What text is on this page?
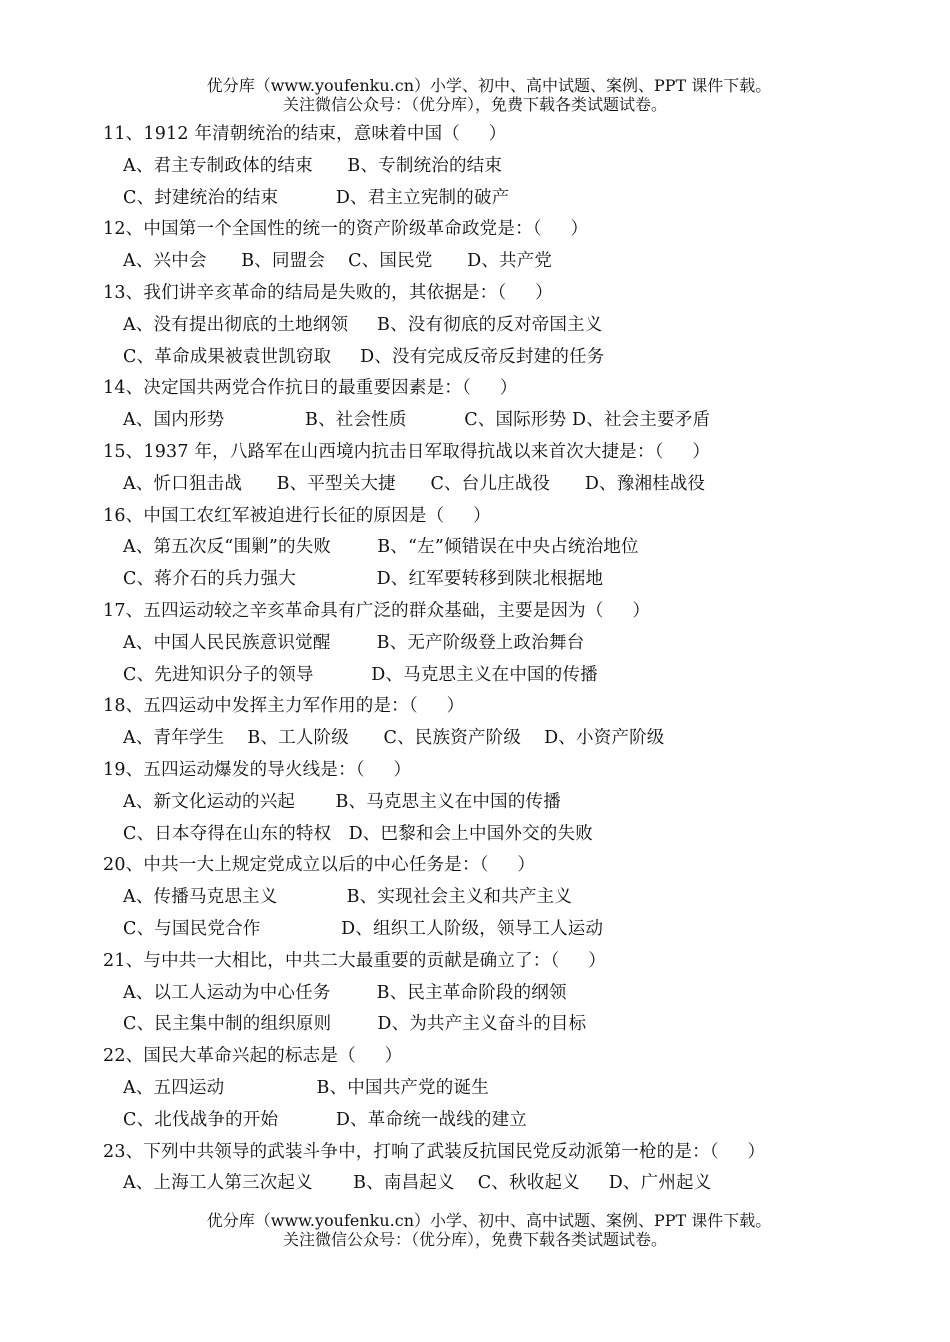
优分库（www.youfenku.cn）小学、初中、高中试题、案例、PPT 课件下载。
关注微信公众号：（优分库），免费下载各类试题试卷。
11、1912 年清朝统治的结束，意味着中国（     ）
A、君主专制政体的结束      B、专制统治的结束
C、封建统治的结束          D、君主立宪制的破产
12、中国第一个全国性的统一的资产阶级革命政党是：（     ）
A、兴中会      B、同盟会    C、国民党      D、共产党
13、我们讲辛亥革命的结局是失败的，其依据是：（     ）
A、没有提出彻底的土地纲领     B、没有彻底的反对帝国主义
C、革命成果被袁世凯窃取     D、没有完成反帝反封建的任务
14、决定国共两党合作抗日的最重要因素是：（     ）
A、国内形势              B、社会性质          C、国际形势 D、社会主要矛盾
15、1937 年，八路军在山西境内抗击日军取得抗战以来首次大捷是：（     ）
A、忻口狙击战      B、平型关大捷      C、台儿庄战役      D、豫湘桂战役
16、中国工农红军被迫进行长征的原因是（     ）
A、第五次反“围剿”的失败        B、“左”倾错误在中央占统治地位
C、蒋介石的兵力强大              D、红军要转移到陕北根据地
17、五四运动较之辛亥革命具有广泛的群众基础，主要是因为（     ）
A、中国人民民族意识觉醒        B、无产阶级登上政治舞台
C、先进知识分子的领导          D、马克思主义在中国的传播
18、五四运动中发挥主力军作用的是：（     ）
A、青年学生    B、工人阶级      C、民族资产阶级    D、小资产阶级
19、五四运动爆发的导火线是：（     ）
A、新文化运动的兴起       B、马克思主义在中国的传播
C、日本夺得在山东的特权   D、巴黎和会上中国外交的失败
20、中共一大上规定党成立以后的中心任务是：（     ）
A、传播马克思主义            B、实现社会主义和共产主义
C、与国民党合作              D、组织工人阶级，领导工人运动
21、与中共一大相比，中共二大最重要的贡献是确立了：（     ）
A、以工人运动为中心任务        B、民主革命阶段的纲领
C、民主集中制的组织原则        D、为共产主义奋斗的目标
22、国民大革命兴起的标志是（     ）
A、五四运动                B、中国共产党的诞生
C、北伐战争的开始          D、革命统一战线的建立
23、下列中共领导的武装斗争中，打响了武装反抗国民党反动派第一枪的是：（     ）
A、上海工人第三次起义       B、南昌起义    C、秋收起义     D、广州起义
优分库（www.youfenku.cn）小学、初中、高中试题、案例、PPT 课件下载。
关注微信公众号：（优分库），免费下载各类试题试卷。
